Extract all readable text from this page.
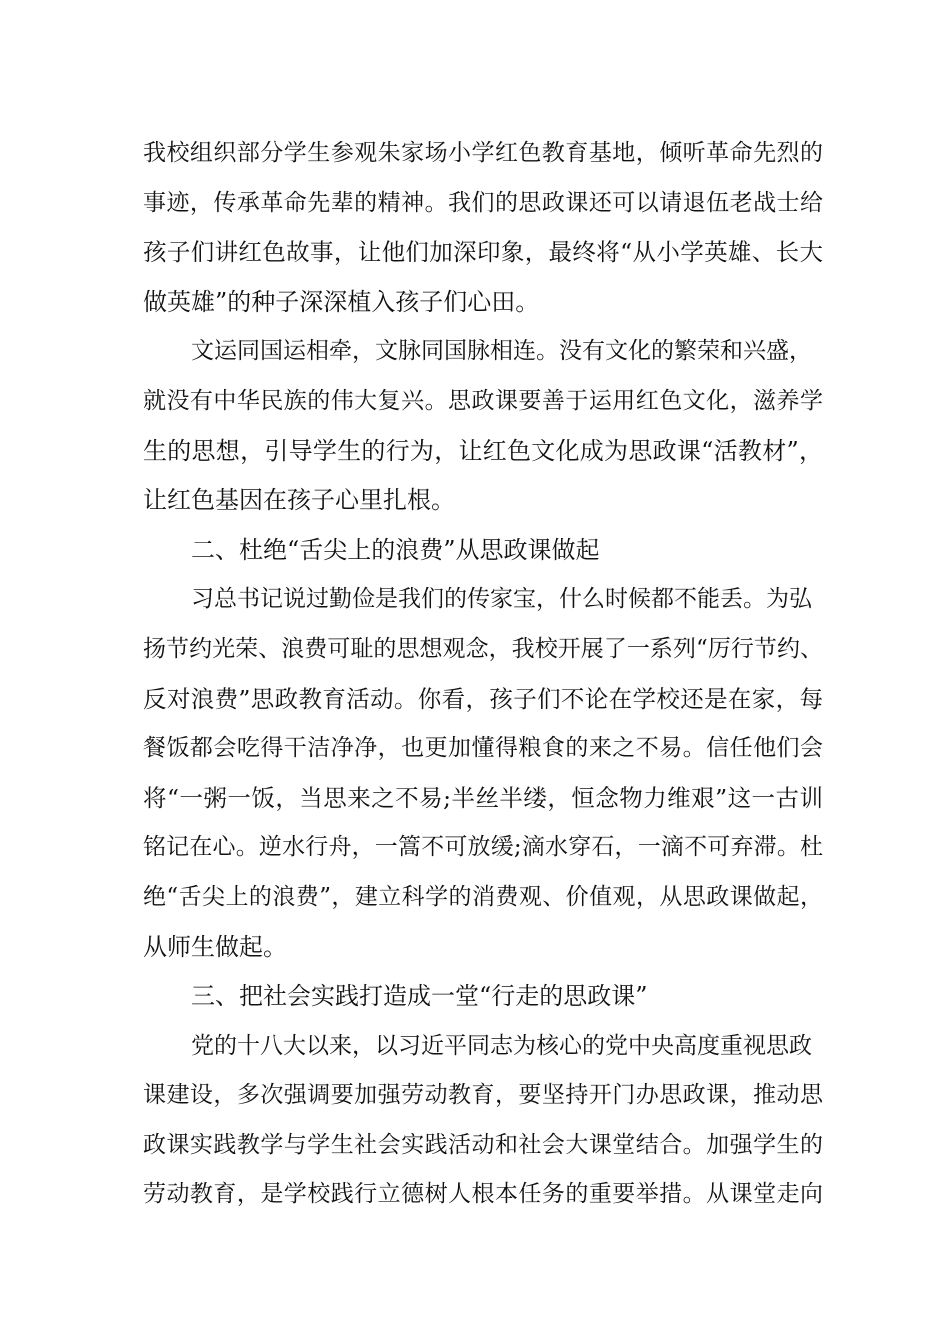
我校组织部分学生参观朱家场小学红色教育基地，倾听革命先烈的
事迹，传承革命先辈的精神。我们的思政课还可以请退伍老战士给
孩子们讲红色故事，让他们加深印象，最终将“从小学英雄、长大
做英雄”的种子深深植入孩子们心田。
文运同国运相牵，文脉同国脉相连。没有文化的繁荣和兴盛，
就没有中华民族的伟大复兴。思政课要善于运用红色文化，滋养学
生的思想，引导学生的行为，让红色文化成为思政课“活教材”，
让红色基因在孩子心里扎根。
二、杜绝“舌尖上的浪费”从思政课做起
习总书记说过勤俭是我们的传家宝，什么时候都不能丢。为弘
扬节约光荣、浪费可耻的思想观念，我校开展了一系列“厉行节约、
反对浪费”思政教育活动。你看，孩子们不论在学校还是在家，每
餐饭都会吃得干洁净净，也更加懂得粮食的来之不易。信任他们会
将“一粥一饭，当思来之不易;半丝半缕，恒念物力维艰”这一古训
铭记在心。逆水行舟，一篙不可放缓;滴水穿石，一滴不可弃滞。杜
绝“舌尖上的浪费”，建立科学的消费观、价值观，从思政课做起，
从师生做起。
三、把社会实践打造成一堂“行走的思政课”
党的十八大以来，以习近平同志为核心的党中央高度重视思政
课建设，多次强调要加强劳动教育，要坚持开门办思政课，推动思
政课实践教学与学生社会实践活动和社会大课堂结合。加强学生的
劳动教育，是学校践行立德树人根本任务的重要举措。从课堂走向
